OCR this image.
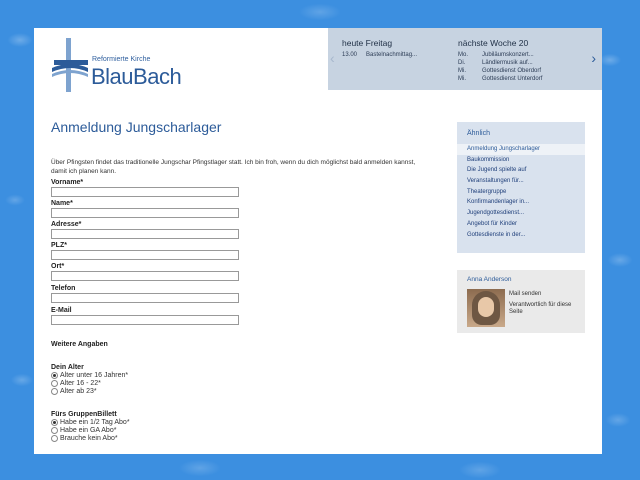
Reformierte Kirche
BlauBach
‹
heute Freitag
13.00	Bastelnachmittag...
nächste Woche 20
Mo.	Jubiläumskonzert...
Di.	Ländlermusik auf...
Mi.	Gottesdienst Oberdorf
Mi.	Gottesdienst Unterdorf
›
Anmeldung Jungscharlager
Über Pfingsten findet das traditionelle Jungschar Pfingstlager statt. Ich bin froh, wenn du dich möglichst bald anmelden kannst, damit ich planen kann.
Vorname*
Name*
Adresse*
PLZ*
Ort*
Telefon
E-Mail
Weitere Angaben
Dein Alter
Alter unter 16 Jahren*
Alter 16 - 22*
Alter ab 23*
Fürs GruppenBillett
Habe ein 1/2 Tag Abo*
Habe ein GA Abo*
Brauche kein Abo*
Ähnlich
Anmeldung Jungscharlager
Baukommission
Die Jugend spielte auf
Veranstaltungen für...
Theatergruppe
Konfirmandenlager in...
Jugendgottesdienst...
Angebot für Kinder
Gottesdienste in der...
Anna Anderson
Mail senden
Verantwortlich für diese Seite
